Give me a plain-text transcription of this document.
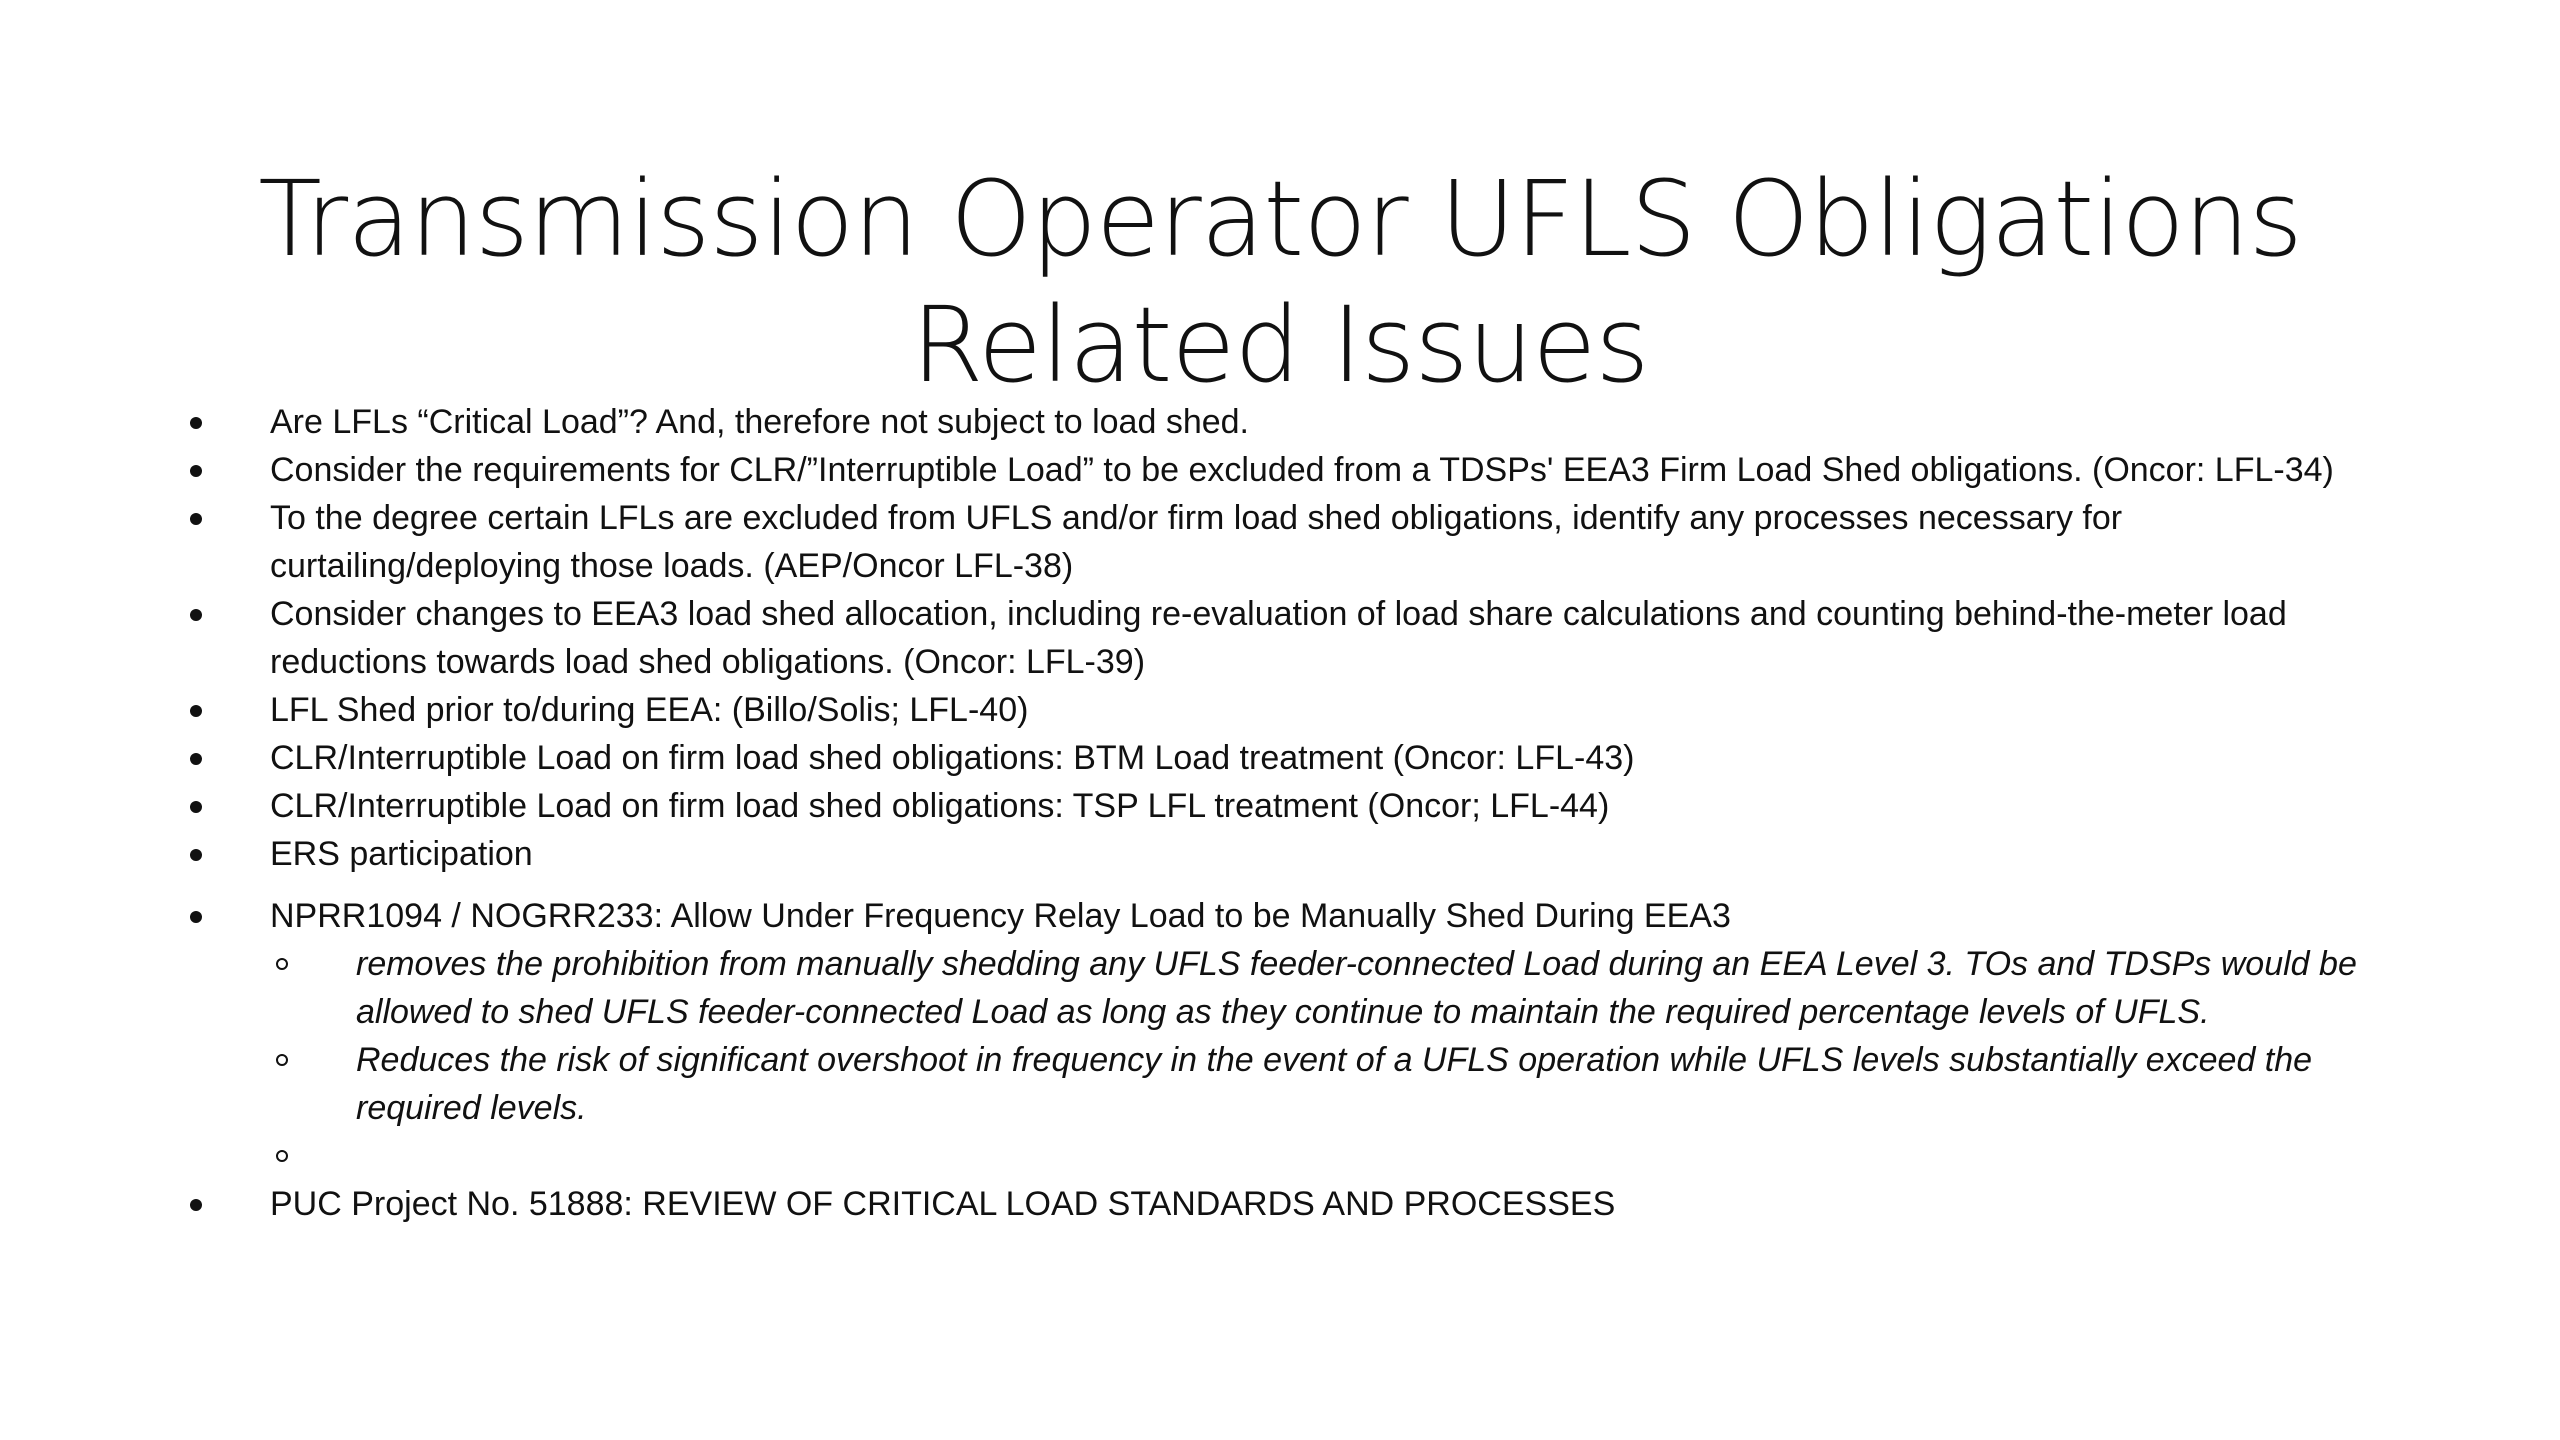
Transmission Operator UFLS Obligations
Related Issues
Are LFLs “Critical Load”? And, therefore not subject to load shed.
Consider the requirements for CLR/”Interruptible Load” to be excluded from a TDSPs' EEA3 Firm Load Shed obligations. (Oncor: LFL-34)
To the degree certain LFLs are excluded from UFLS and/or firm load shed obligations, identify any processes necessary for curtailing/deploying those loads. (AEP/Oncor LFL-38)
Consider changes to EEA3 load shed allocation, including re-evaluation of load share calculations and counting behind-the-meter load reductions towards load shed obligations. (Oncor: LFL-39)
LFL Shed prior to/during EEA: (Billo/Solis; LFL-40)
CLR/Interruptible Load on firm load shed obligations: BTM Load treatment (Oncor: LFL-43)
CLR/Interruptible Load on firm load shed obligations: TSP LFL treatment (Oncor; LFL-44)
ERS participation
NPRR1094 / NOGRR233: Allow Under Frequency Relay Load to be Manually Shed During EEA3
removes the prohibition from manually shedding any UFLS feeder-connected Load during an EEA Level 3. TOs and TDSPs would be allowed to shed UFLS feeder-connected Load as long as they continue to maintain the required percentage levels of UFLS.
Reduces the risk of significant overshoot in frequency in the event of a UFLS operation while UFLS levels substantially exceed the required levels.
PUC Project No. 51888: REVIEW OF CRITICAL LOAD STANDARDS AND PROCESSES
